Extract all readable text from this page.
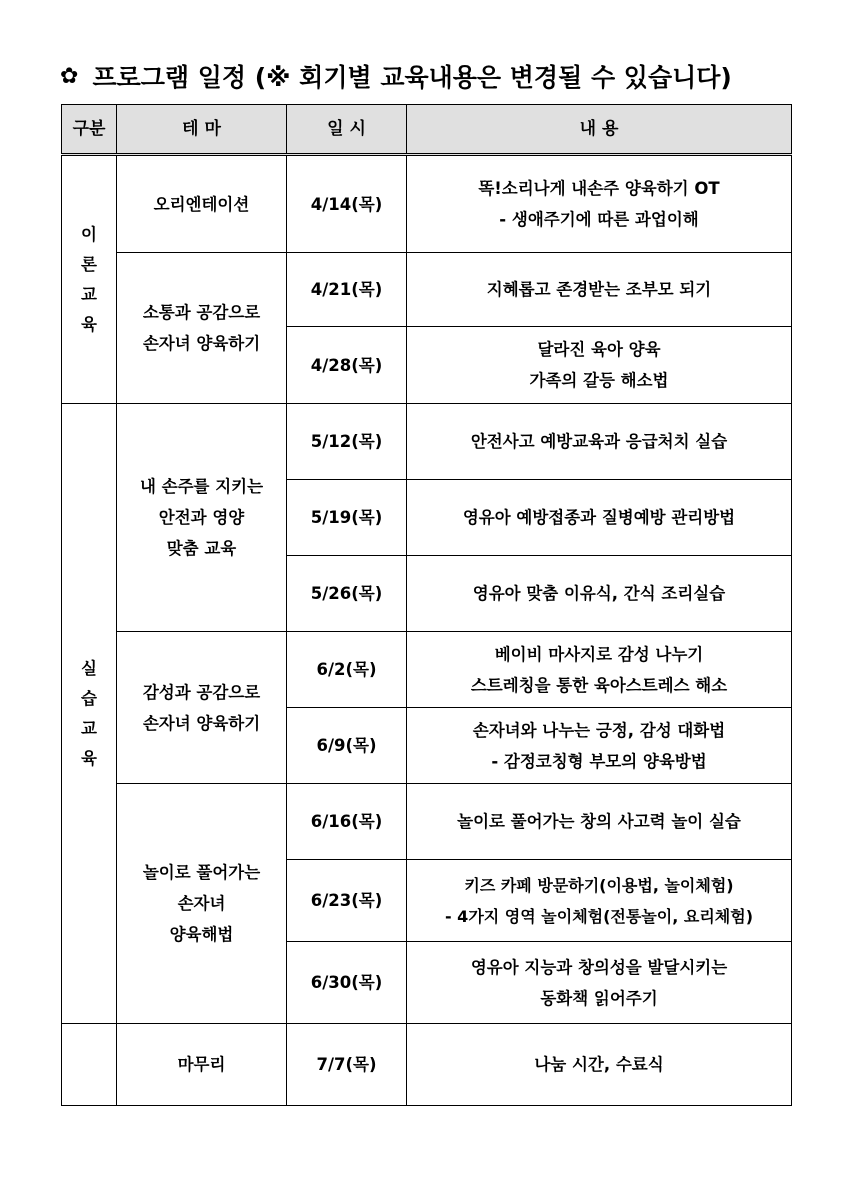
✿ 프로그램 일정 (※ 회기별 교육내용은 변경될 수 있습니다)
구분	테 마	일 시	내 용

이
론
교
육	오리엔테이션	4/14(목)	똑!소리나게 내손주 양육하기 OT
- 생애주기에 따른 과업이해

	소통과 공감으로
손자녀 양육하기	4/21(목)	지혜롭고 존경받는 조부모 되기
		4/28(목)	달라진 육아 양육
가족의 갈등 해소법

실
습
교
육	내 손주를 지키는
안전과 영양
맞춤 교육	5/12(목)	안전사고 예방교육과 응급처치 실습
		5/19(목)	영유아 예방접종과 질병예방 관리방법
		5/26(목)	영유아 맞춤 이유식, 간식 조리실습

	감성과 공감으로
손자녀 양육하기	6/2(목)	베이비 마사지로 감성 나누기
스트레칭을 통한 육아스트레스 해소

		6/9(목)	손자녀와 나누는 긍정, 감성 대화법
- 감정코칭형 부모의 양육방법

	놀이로 풀어가는
손자녀
양육해법	6/16(목)	놀이로 풀어가는 창의 사고력 놀이 실습
		6/23(목)	키즈 카페 방문하기(이용법, 놀이체험)
- 4가지 영역 놀이체험(전통놀이, 요리체험)

		6/30(목)	영유아 지능과 창의성을 발달시키는
동화책 읽어주기

	마무리	7/7(목)	나눔 시간, 수료식
